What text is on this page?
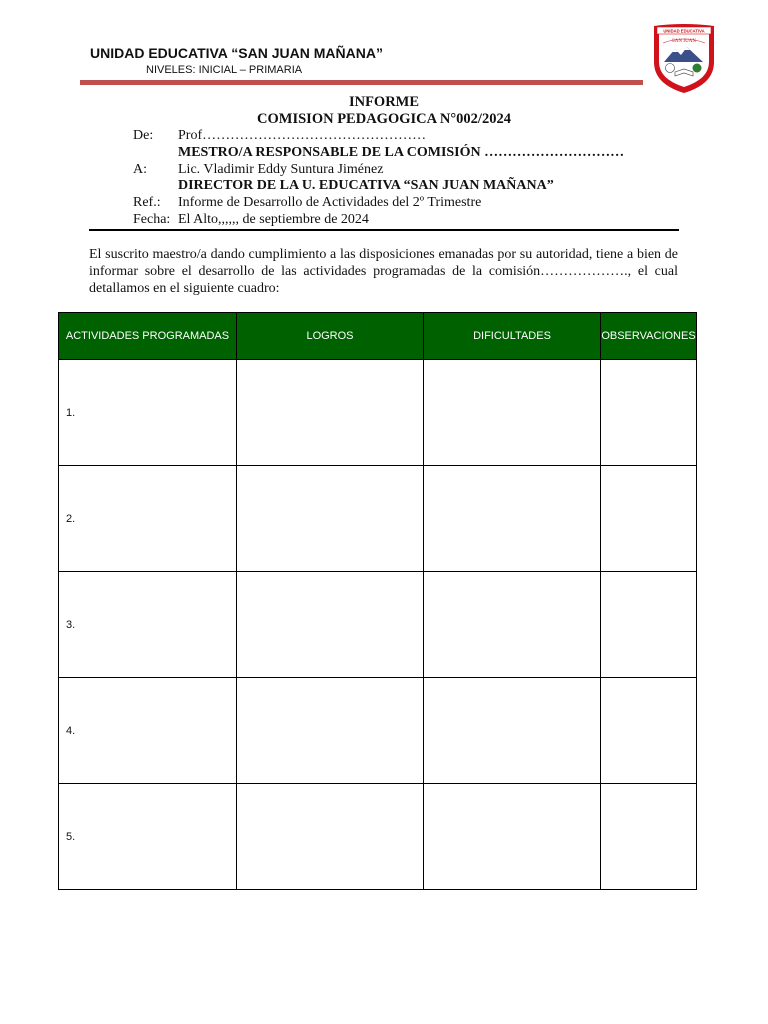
UNIDAD EDUCATIVA “SAN JUAN MAÑANA”
NIVELES: INICIAL – PRIMARIA
UNIDAD EDUCATIVA
SAN JUAN
INFORME
COMISION PEDAGOGICA N°002/2024
De:	Prof…………………………………………
MESTRO/A RESPONSABLE DE LA COMISIÓN …………………………
A:	Lic. Vladimir Eddy Suntura Jiménez
DIRECTOR DE LA U. EDUCATIVA “SAN JUAN MAÑANA”
Ref.:	Informe de Desarrollo de Actividades del 2º Trimestre
Fecha: El Alto,,,,,, de septiembre de 2024
El suscrito maestro/a dando cumplimiento a las disposiciones emanadas por su autoridad, tiene a bien de informar sobre el desarrollo de las actividades programadas de la comisión………………., el cual detallamos en el siguiente cuadro:
ACTIVIDADES PROGRAMADAS	LOGROS	DIFICULTADES	OBSERVACIONES
1.			
2.			
3.			
4.			
5.			
